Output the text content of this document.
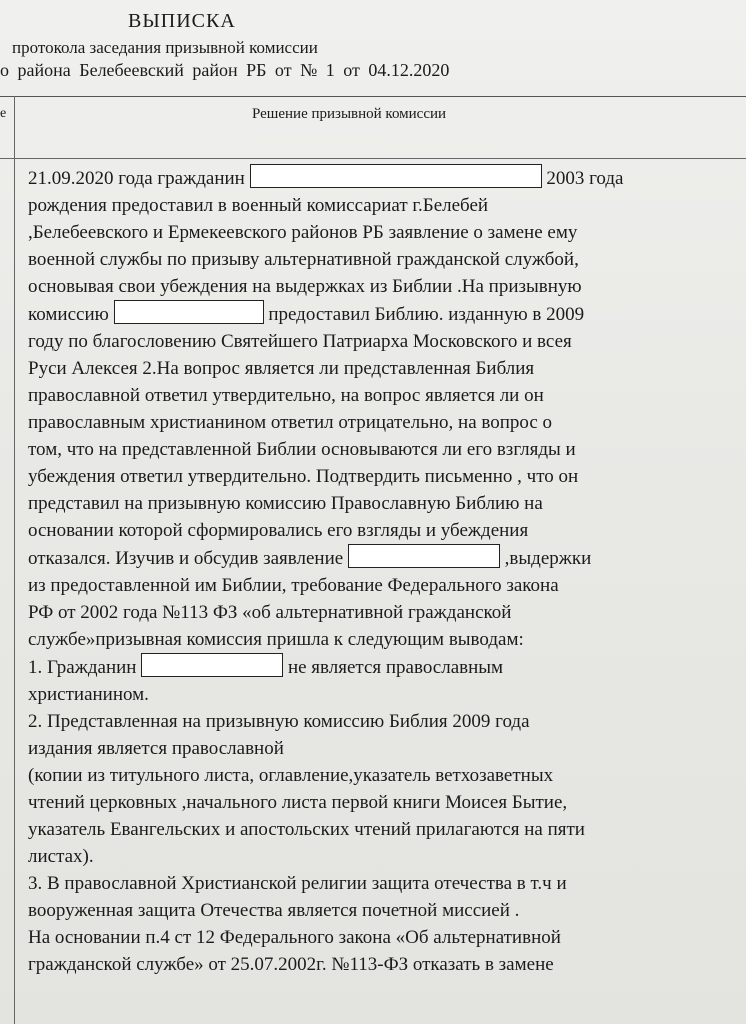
ВЫПИСКА
протокола заседания призывной комиссии
о района Белебеевский район РБ от № 1 от 04.12.2020
е	Решение призывной комиссии

21.09.2020 года гражданин	2003 года

рождения предоставил в военный комиссариат г.Белебей

,Белебеевского и Ермекеевского районов РБ заявление о замене ему

военной службы по призыву альтернативной гражданской службой,

основывая свои убеждения на выдержках из Библии .На призывную

комиссию	предоставил Библию. изданную в 2009

году по благословению Святейшего Патриарха Московского и всея

Руси Алексея 2.На вопрос является ли представленная Библия

православной ответил утвердительно, на вопрос является ли он

православным христианином ответил отрицательно, на вопрос о

том, что на представленной Библии основываются ли его взгляды и

убеждения ответил утвердительно. Подтвердить письменно , что он

представил на призывную комиссию Православную Библию на

основании которой сформировались его взгляды и убеждения

отказался. Изучив и обсудив заявление	,выдержки

из предоставленной им Библии, требование Федерального закона

РФ от 2002 года №113 ФЗ «об альтернативной гражданской

службе»призывная комиссия пришла к следующим выводам:

1. Гражданин	не является православным

христианином.

2. Представленная на призывную комиссию Библия 2009 года

издания является православной

(копии из титульного листа, оглавление,указатель ветхозаветных

чтений церковных ,начального листа первой книги Моисея Бытие,

указатель Евангельских и апостольских чтений прилагаются на пяти

листах).

3. В православной Христианской религии защита отечества в т.ч и

вооруженная защита Отечества является почетной миссией .

На основании п.4 ст 12 Федерального закона «Об альтернативной

гражданской службе» от 25.07.2002г. №113-ФЗ отказать в замене
